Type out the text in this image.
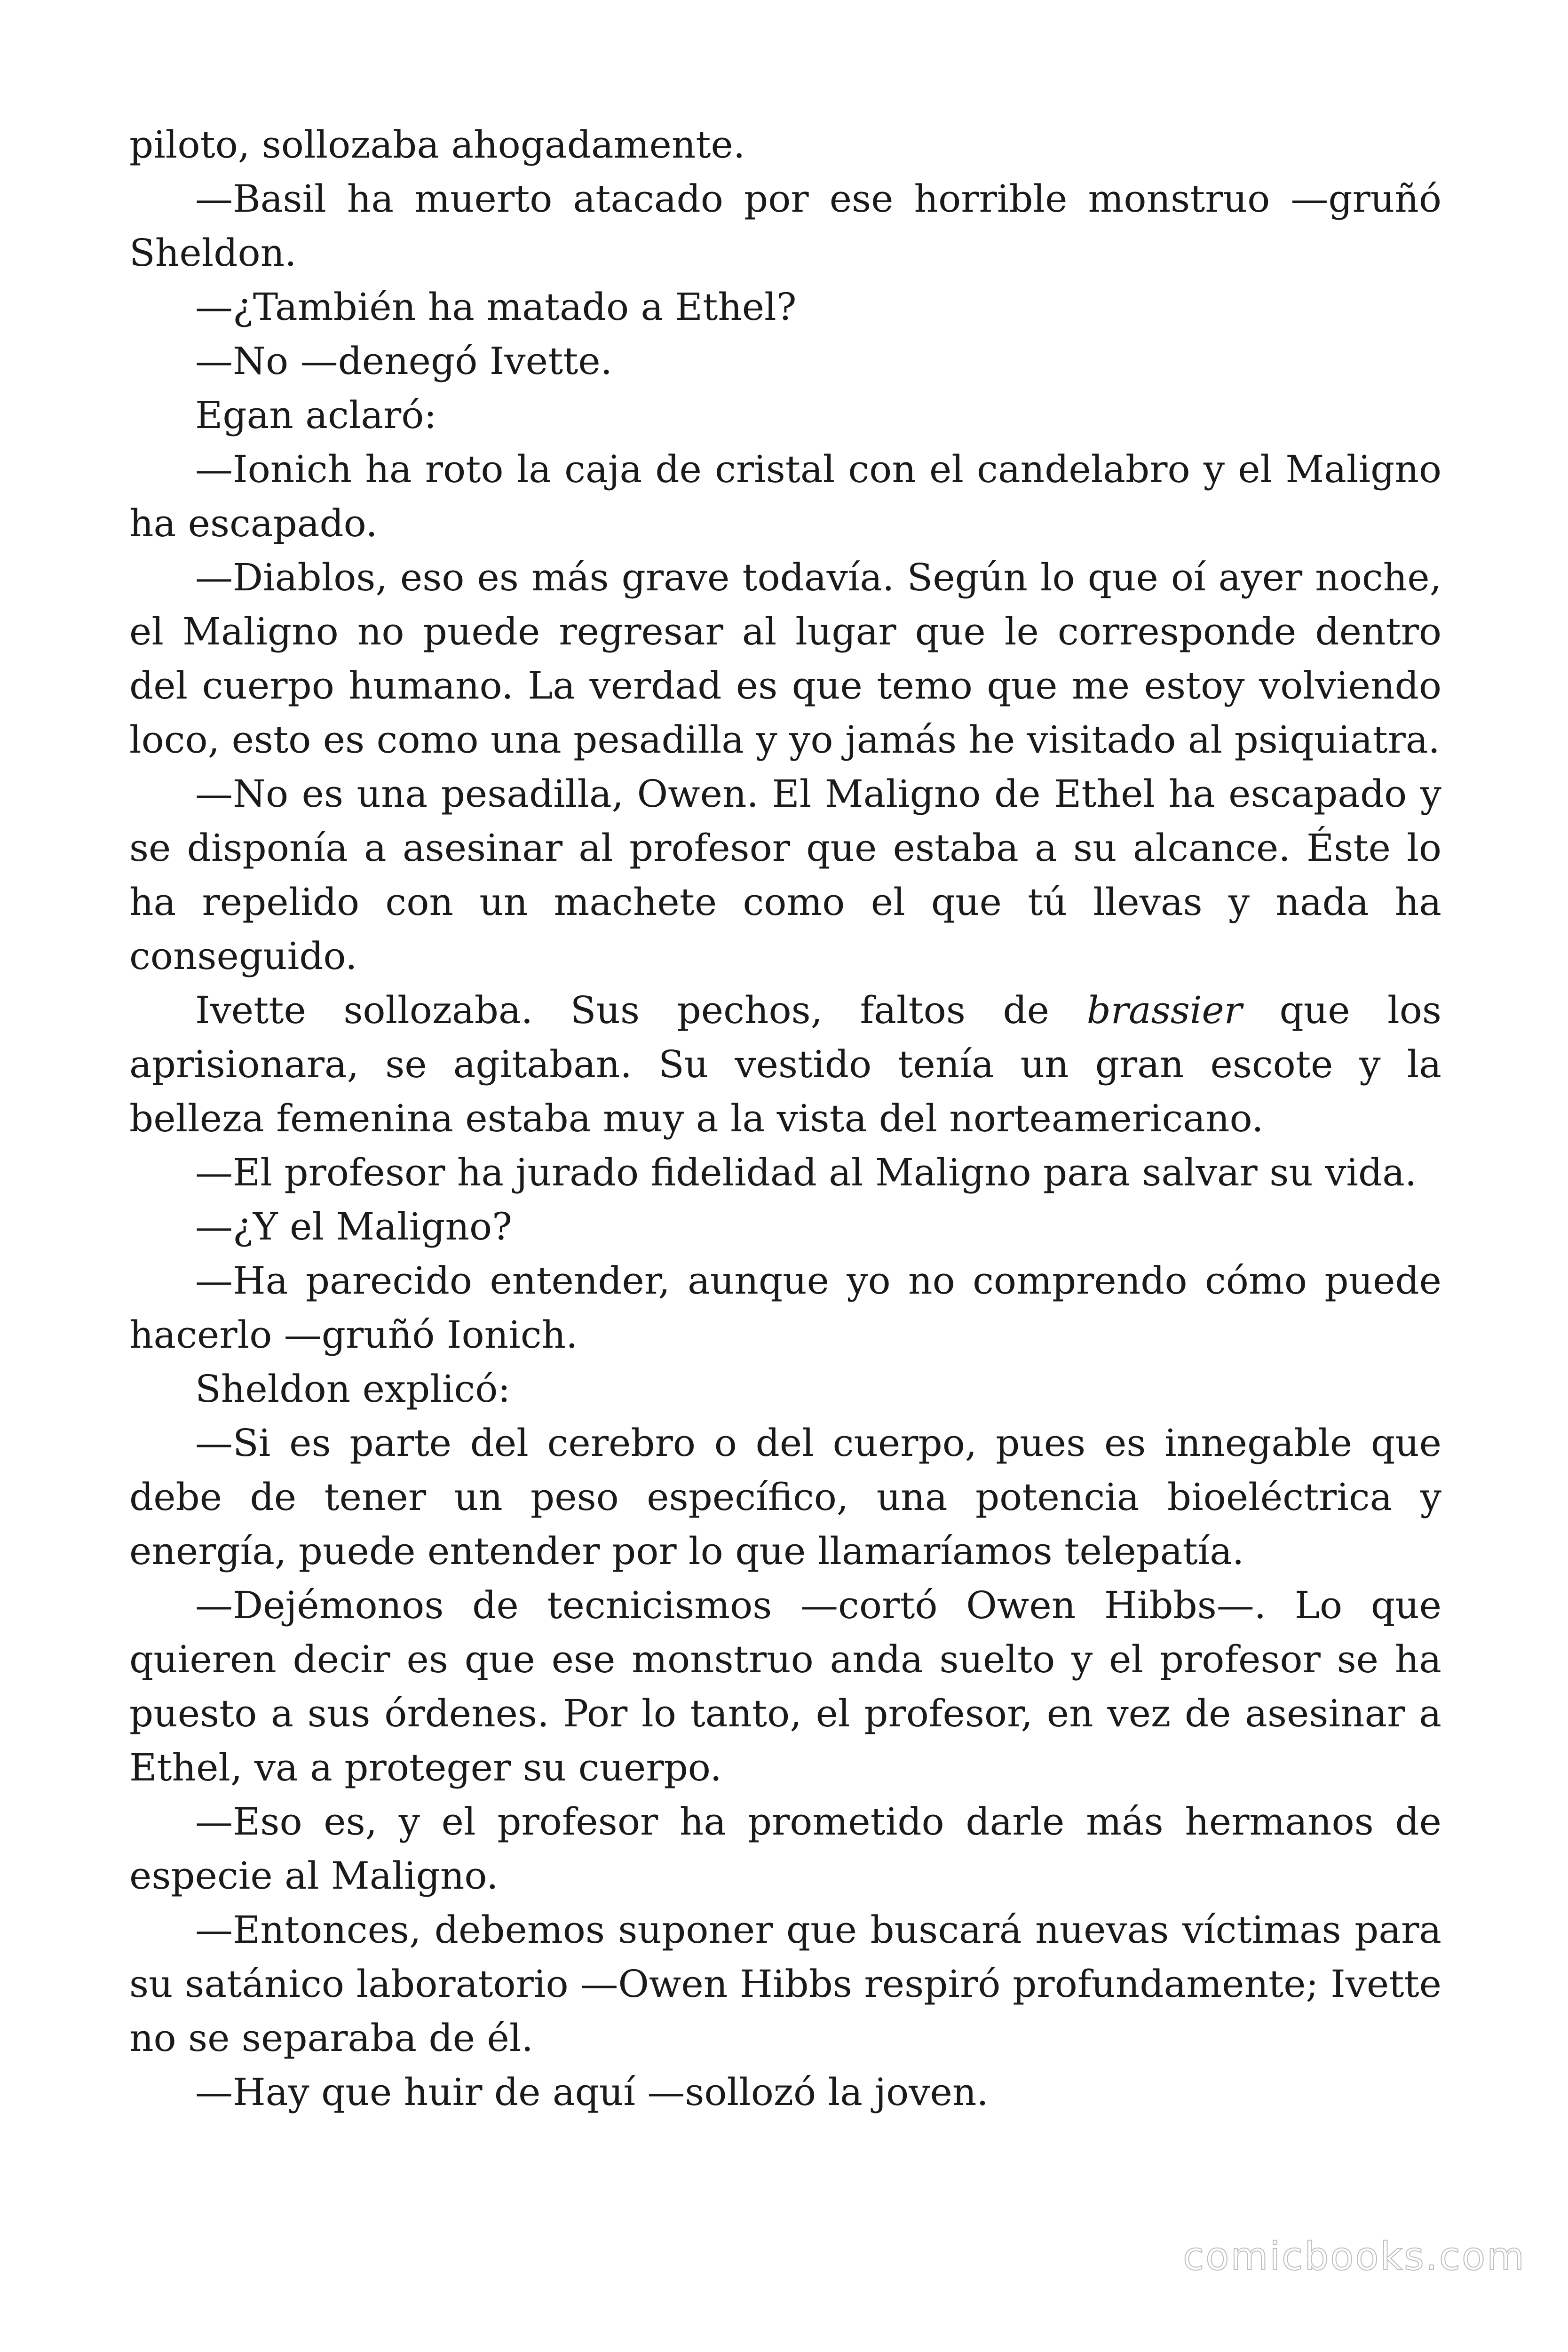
piloto, sollozaba ahogadamente.

—Basil ha muerto atacado por ese horrible monstruo —gruñó Sheldon.

—¿También ha matado a Ethel?

—No —denegó Ivette.

Egan aclaró:

—Ionich ha roto la caja de cristal con el candelabro y el Maligno ha escapado.

—Diablos, eso es más grave todavía. Según lo que oí ayer noche, el Maligno no puede regresar al lugar que le corresponde dentro del cuerpo humano. La verdad es que temo que me estoy volviendo loco, esto es como una pesadilla y yo jamás he visitado al psiquiatra.

—No es una pesadilla, Owen. El Maligno de Ethel ha escapado y se disponía a asesinar al profesor que estaba a su alcance. Éste lo ha repelido con un machete como el que tú llevas y nada ha conseguido.

Ivette sollozaba. Sus pechos, faltos de brassier que los aprisionara, se agitaban. Su vestido tenía un gran escote y la belleza femenina estaba muy a la vista del norteamericano.

—El profesor ha jurado fidelidad al Maligno para salvar su vida.

—¿Y el Maligno?

—Ha parecido entender, aunque yo no comprendo cómo puede hacerlo —gruñó Ionich.

Sheldon explicó:

—Si es parte del cerebro o del cuerpo, pues es innegable que debe de tener un peso específico, una potencia bioeléctrica y energía, puede entender por lo que llamaríamos telepatía.

—Dejémonos de tecnicismos —cortó Owen Hibbs—. Lo que quieren decir es que ese monstruo anda suelto y el profesor se ha puesto a sus órdenes. Por lo tanto, el profesor, en vez de asesinar a Ethel, va a proteger su cuerpo.

—Eso es, y el profesor ha prometido darle más hermanos de especie al Maligno.

—Entonces, debemos suponer que buscará nuevas víctimas para su satánico laboratorio —Owen Hibbs respiró profundamente; Ivette no se separaba de él.

—Hay que huir de aquí —sollozó la joven.

comicbooks.com
